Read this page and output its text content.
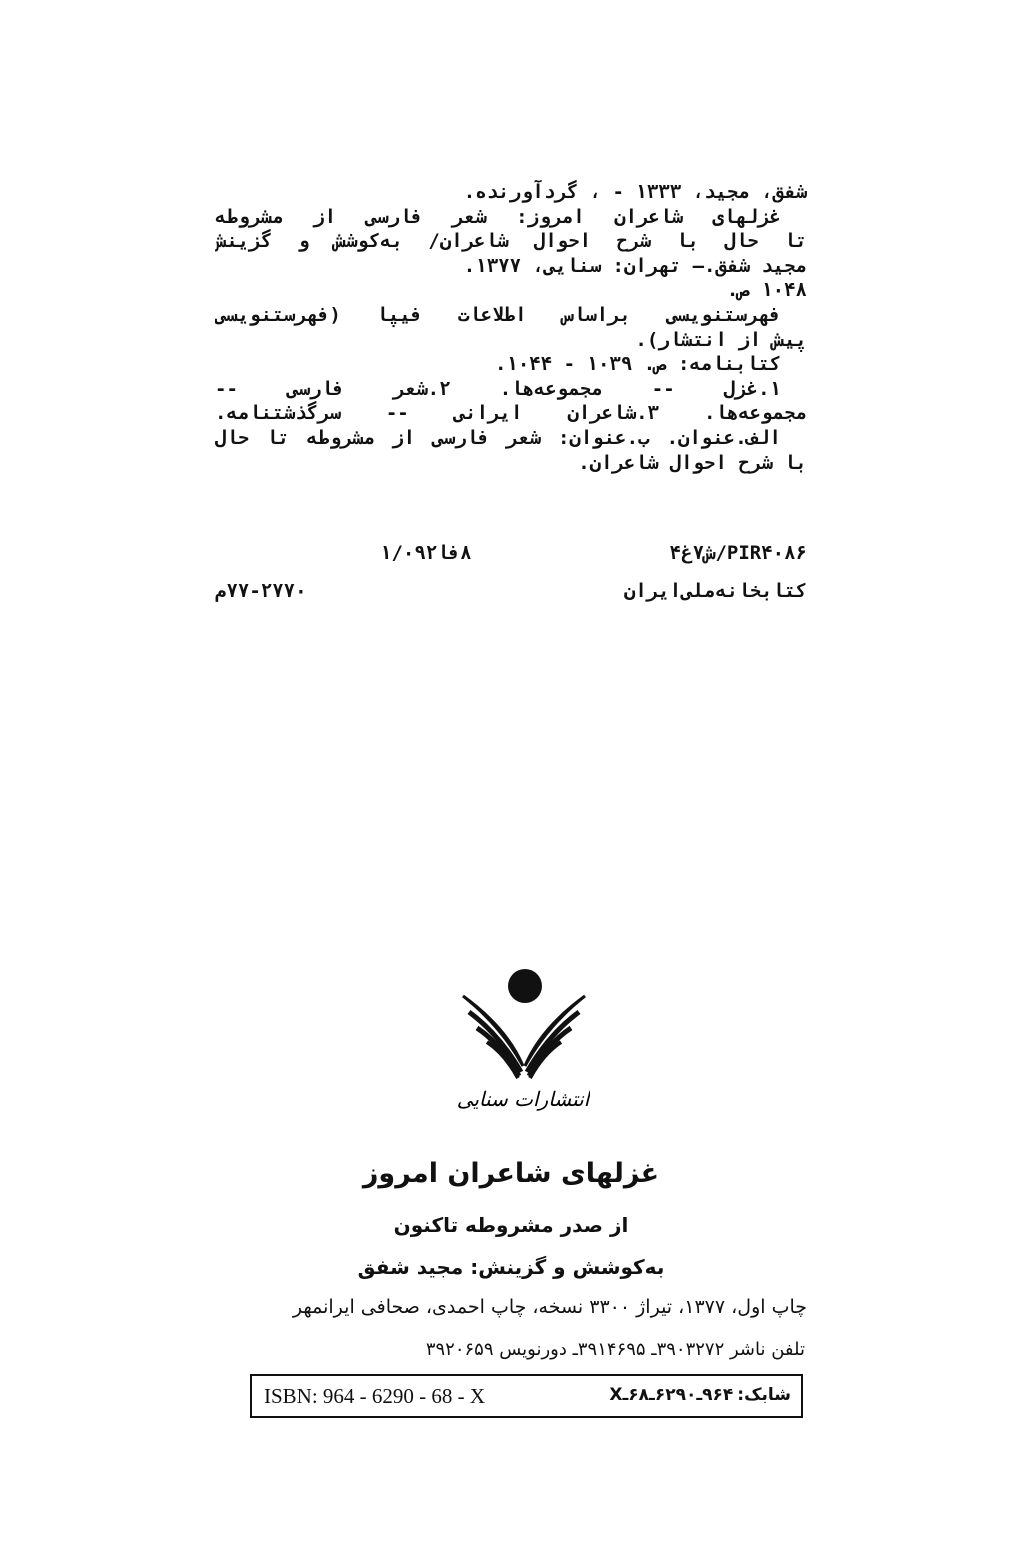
شفق، مجید، ۱۳۳۳ - ، گردآورنده.
غزلهای شاعران امروز: شعر فارسی از مشروطه
تا حال با شرح احوال شاعران/ به‌کوشش و گزینش
مجید شفق.— تهران: سنایی، ۱۳۷۷.
۱۰۴۸ ص.
فهرستنویسی براساس اطلاعات فیپا (فهرستنویسی
پیش از انتشار).
کتابنامه: ص. ۱۰۳۹ - ۱۰۴۴.
۱.غزل -- مجموعه‌ها. ۲.شعر فارسی --
مجموعه‌ها. ۳.شاعران ایرانی -- سرگذشتنامه.
الف.عنوان. ب.عنوان: شعر فارسی از مشروطه تا حال
با شرح احوال شاعران.
PIR۴۰۸۶/ش۷غ۴
۸فا۱/۰۹۲
کتابخانه‌ملی‌ایران
۷۷-۲۷۷۰م
انتشارات سنایی
غزلهای شاعران امروز
از صدر مشروطه تاکنون
به‌کوشش و گزینش: مجید شفق
چاپ اول، ۱۳۷۷، تیراژ ۳۳۰۰ نسخه، چاپ احمدی، صحافی ایرانمهر
تلفن ناشر ۳۹۰۳۲۷۲ـ ۳۹۱۴۶۹۵ـ دورنویس ۳۹۲۰۶۵۹
ISBN: 964 - 6290 - 68 - X	شابک:۹۶۴ـ۶۲۹۰ـ۶۸ـX
